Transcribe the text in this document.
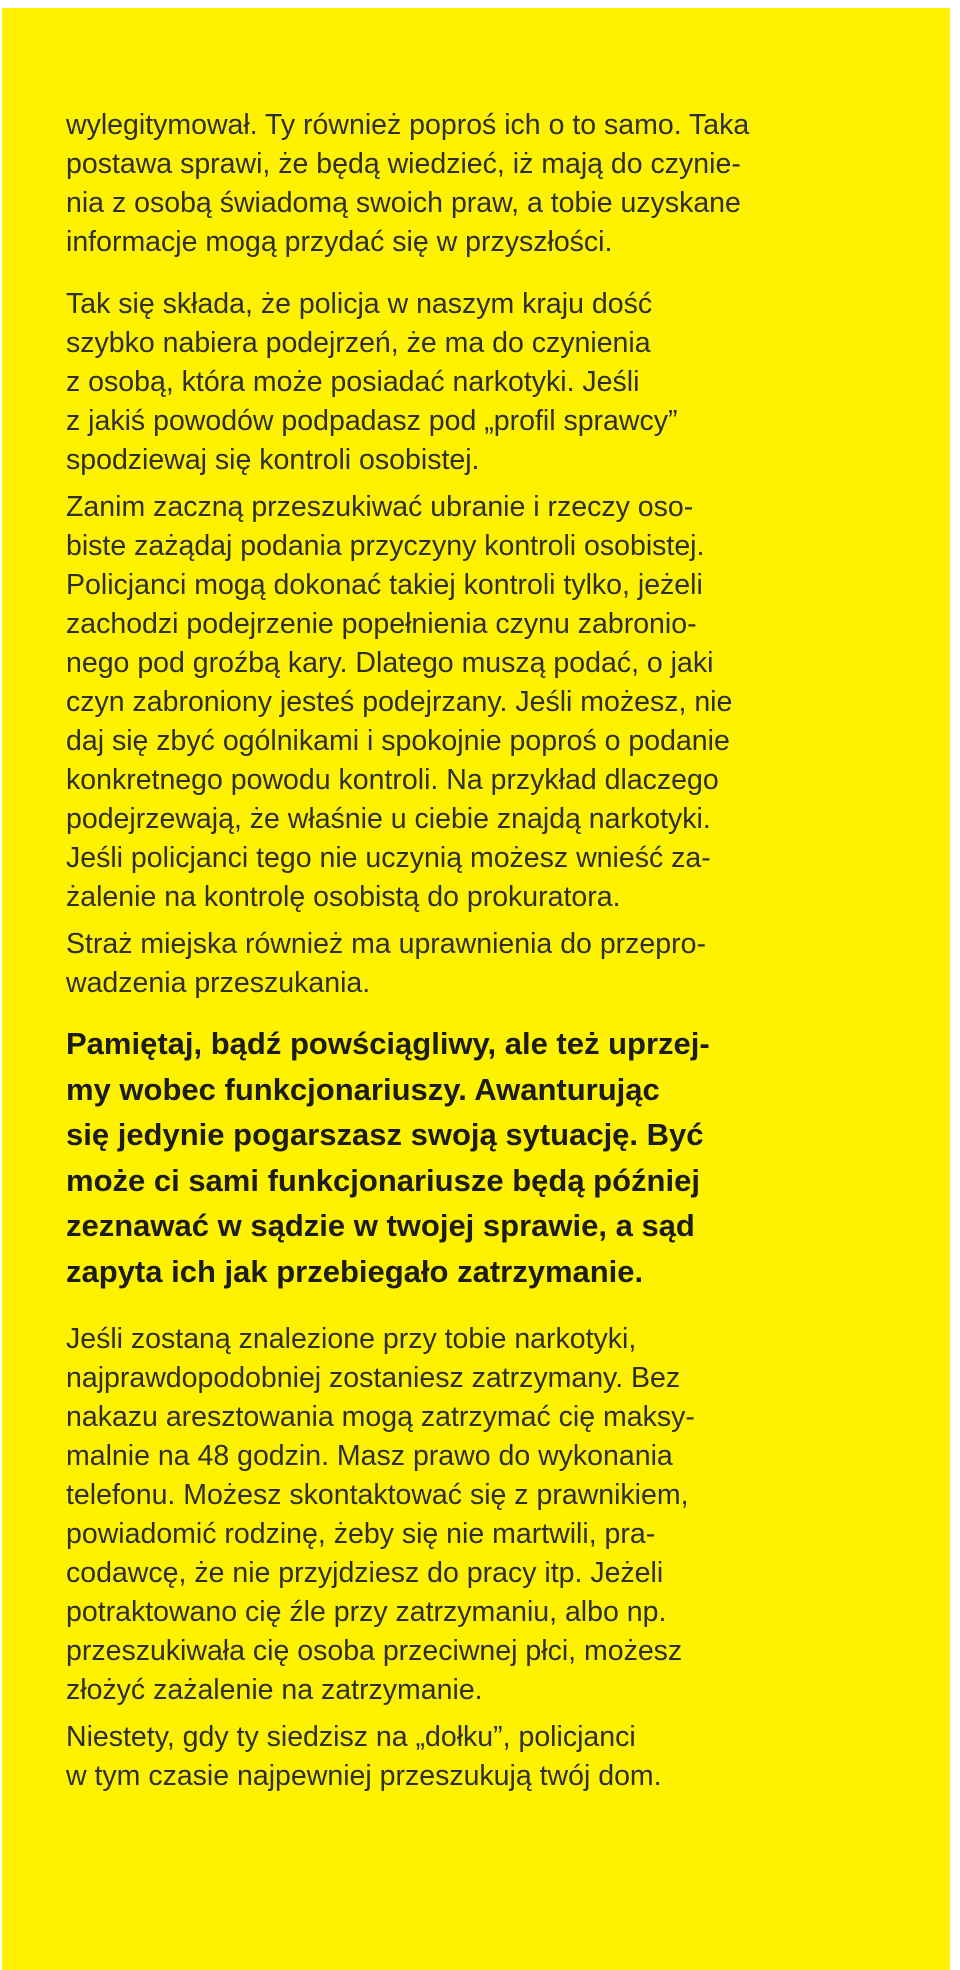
wylegitymował. Ty również poproś ich o to samo. Taka
postawa sprawi, że będą wiedzieć, iż mają do czynie-
nia z osobą świadomą swoich praw, a tobie uzyskane
informacje mogą przydać się w przyszłości.
Tak się składa, że policja w naszym kraju dość
szybko nabiera podejrzeń, że ma do czynienia
z osobą, która może posiadać narkotyki. Jeśli
z jakiś powodów podpadasz pod „profil sprawcy”
spodziewaj się kontroli osobistej.
Zanim zaczną przeszukiwać ubranie i rzeczy oso-
biste zażądaj podania przyczyny kontroli osobistej.
Policjanci mogą dokonać takiej kontroli tylko, jeżeli
zachodzi podejrzenie popełnienia czynu zabronio-
nego pod groźbą kary. Dlatego muszą podać, o jaki
czyn zabroniony jesteś podejrzany. Jeśli możesz, nie
daj się zbyć ogólnikami i spokojnie poproś o podanie
konkretnego powodu kontroli. Na przykład dlaczego
podejrzewają, że właśnie u ciebie znajdą narkotyki.
Jeśli policjanci tego nie uczynią możesz wnieść za-
żalenie na kontrolę osobistą do prokuratora.
Straż miejska również ma uprawnienia do przepro-
wadzenia przeszukania.
Pamiętaj, bądź powściągliwy, ale też uprzej-
my wobec funkcjonariuszy. Awanturując
się jedynie pogarszasz swoją sytuację. Być
może ci sami funkcjonariusze będą później
zeznawać w sądzie w twojej sprawie, a sąd
zapyta ich jak przebiegało zatrzymanie.
Jeśli zostaną znalezione przy tobie narkotyki,
najprawdopodobniej zostaniesz zatrzymany. Bez
nakazu aresztowania mogą zatrzymać cię maksy-
malnie na 48 godzin. Masz prawo do wykonania
telefonu. Możesz skontaktować się z prawnikiem,
powiadomić rodzinę, żeby się nie martwili, pra-
codawcę, że nie przyjdziesz do pracy itp. Jeżeli
potraktowano cię źle przy zatrzymaniu, albo np.
przeszukiwała cię osoba przeciwnej płci, możesz
złożyć zażalenie na zatrzymanie.
Niestety, gdy ty siedzisz na „dołku”, policjanci
w tym czasie najpewniej przeszukują twój dom.
